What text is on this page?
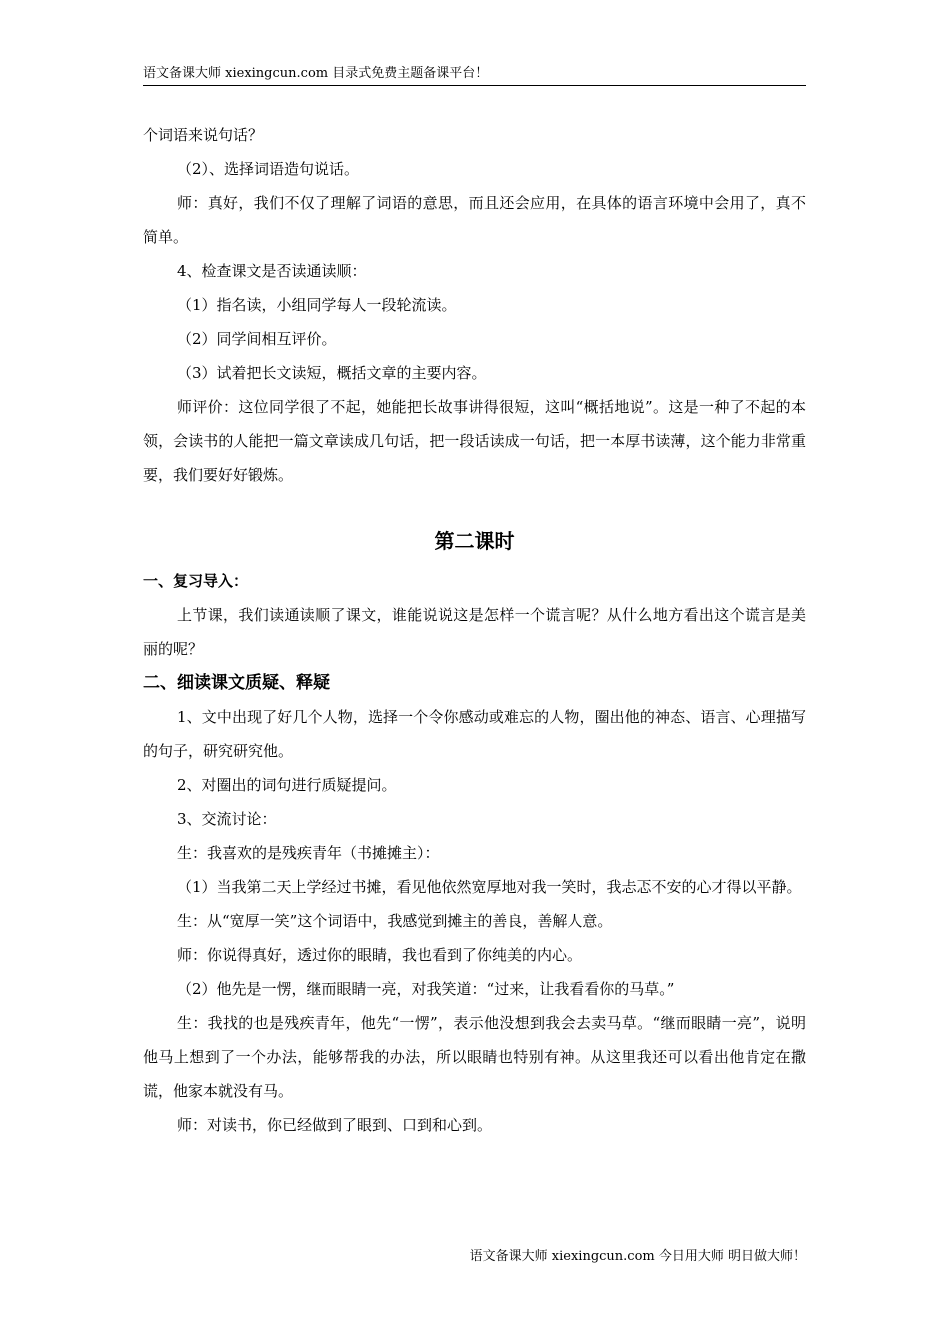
语文备课大师 xiexingcun.com 目录式免费主题备课平台！

个词语来说句话？

（2）、选择词语造句说话。

师：真好，我们不仅了理解了词语的意思，而且还会应用，在具体的语言环境中会用了，真不简单。

4、检查课文是否读通读顺：

（1）指名读，小组同学每人一段轮流读。

（2）同学间相互评价。

（3）试着把长文读短，概括文章的主要内容。

师评价：这位同学很了不起，她能把长故事讲得很短，这叫“概括地说”。这是一种了不起的本领，会读书的人能把一篇文章读成几句话，把一段话读成一句话，把一本厚书读薄，这个能力非常重要，我们要好好锻炼。

第二课时
一、复习导入：

上节课，我们读通读顺了课文，谁能说说这是怎样一个谎言呢？从什么地方看出这个谎言是美丽的呢？

二、细读课文质疑、释疑

1、文中出现了好几个人物，选择一个令你感动或难忘的人物，圈出他的神态、语言、心理描写的句子，研究研究他。

2、对圈出的词句进行质疑提问。

3、交流讨论：

生：我喜欢的是残疾青年（书摊摊主）：

（1）当我第二天上学经过书摊，看见他依然宽厚地对我一笑时，我忐忑不安的心才得以平静。

生：从“宽厚一笑”这个词语中，我感觉到摊主的善良，善解人意。

师：你说得真好，透过你的眼睛，我也看到了你纯美的内心。

（2）他先是一愣，继而眼睛一亮，对我笑道：“过来，让我看看你的马草。”

生：我找的也是残疾青年，他先“一愣”，表示他没想到我会去卖马草。“继而眼睛一亮”，说明他马上想到了一个办法，能够帮我的办法，所以眼睛也特别有神。从这里我还可以看出他肯定在撒谎，他家本就没有马。

师：对读书，你已经做到了眼到、口到和心到。

语文备课大师 xiexingcun.com 今日用大师 明日做大师！
